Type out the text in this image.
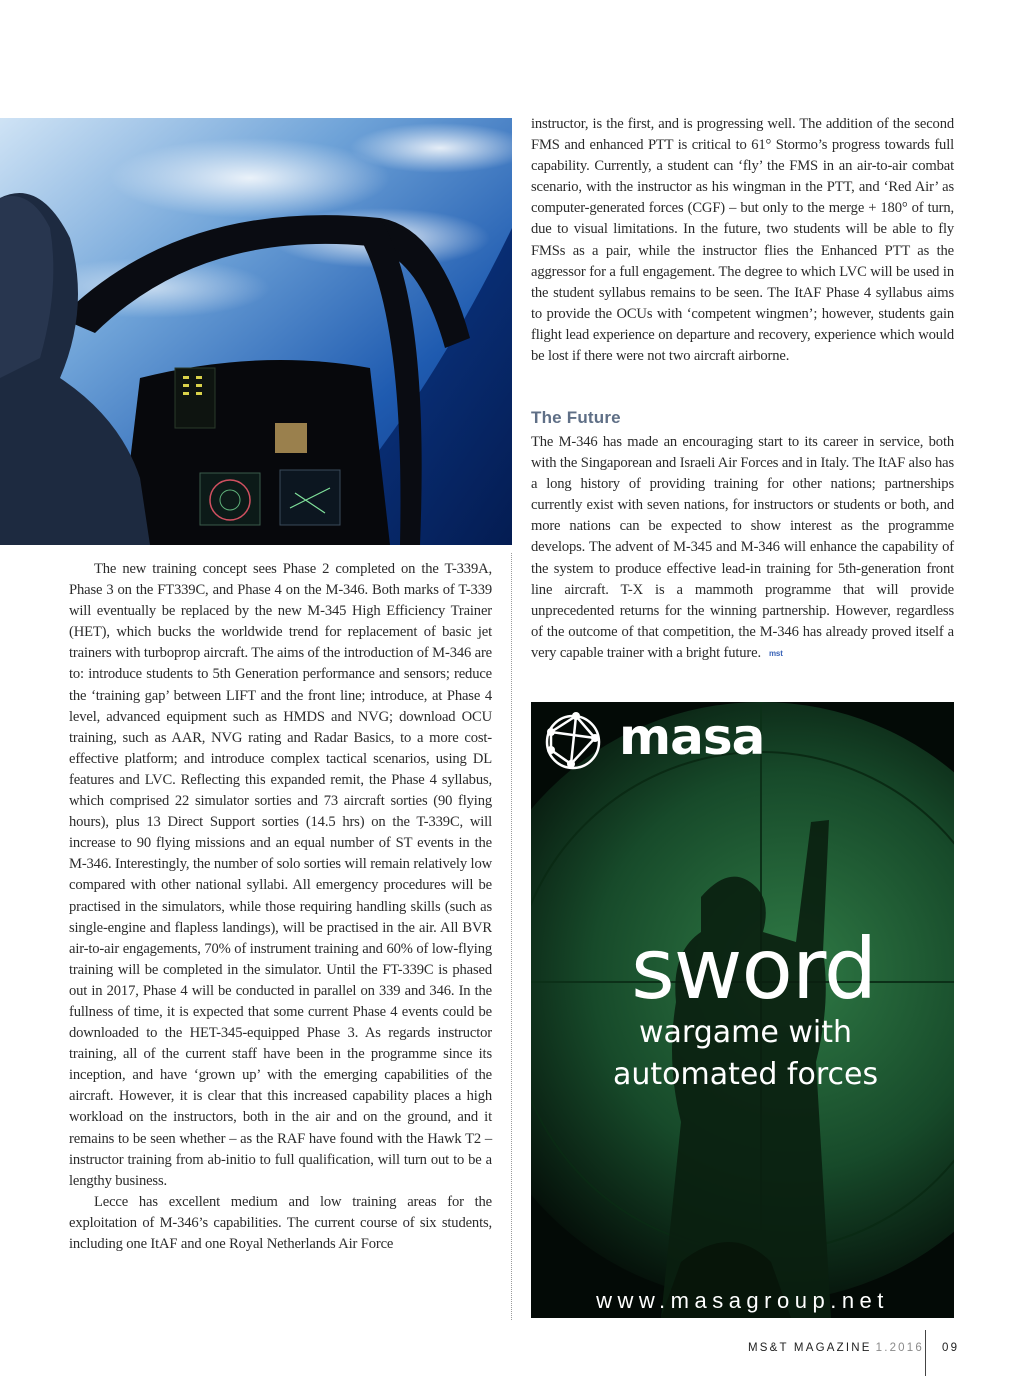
The new training concept sees Phase 2 completed on the T-339A, Phase 3 on the FT339C, and Phase 4 on the M-346. Both marks of T-339 will eventually be replaced by the new M-345 High Efficiency Trainer (HET), which bucks the worldwide trend for replacement of basic jet trainers with turboprop aircraft. The aims of the introduction of M-346 are to: introduce students to 5th Generation performance and sensors; reduce the ‘training gap’ between LIFT and the front line; introduce, at Phase 4 level, advanced equipment such as HMDS and NVG; download OCU training, such as AAR, NVG rating and Radar Basics, to a more cost-effective platform; and introduce complex tactical scenarios, using DL features and LVC. Reflecting this expanded remit, the Phase 4 syllabus, which comprised 22 simulator sorties and 73 aircraft sorties (90 flying hours), plus 13 Direct Support sorties (14.5 hrs) on the T-339C, will increase to 90 flying missions and an equal number of ST events in the M-346. Interestingly, the number of solo sorties will remain relatively low compared with other national syllabi. All emergency procedures will be practised in the simulators, while those requiring handling skills (such as single-engine and flapless landings), will be practised in the air. All BVR air-to-air engagements, 70% of instrument training and 60% of low-flying training will be completed in the simulator. Until the FT-339C is phased out in 2017, Phase 4 will be conducted in parallel on 339 and 346. In the fullness of time, it is expected that some current Phase 4 events could be downloaded to the HET-345-equipped Phase 3. As regards instructor training, all of the current staff have been in the programme since its inception, and have ‘grown up’ with the emerging capabilities of the aircraft. However, it is clear that this increased capability places a high workload on the instructors, both in the air and on the ground, and it remains to be seen whether – as the RAF have found with the Hawk T2 – instructor training from ab-initio to full qualification, will turn out to be a lengthy business.

Lecce has excellent medium and low training areas for the exploitation of M-346’s capabilities. The current course of six students, including one ItAF and one Royal Netherlands Air Force

instructor, is the first, and is progressing well. The addition of the second FMS and enhanced PTT is critical to 61° Stormo’s progress towards full capability. Currently, a student can ‘fly’ the FMS in an air-to-air combat scenario, with the instructor as his wingman in the PTT, and ‘Red Air’ as computer-generated forces (CGF) – but only to the merge + 180° of turn, due to visual limitations. In the future, two students will be able to fly FMSs as a pair, while the instructor flies the Enhanced PTT as the aggressor for a full engagement. The degree to which LVC will be used in the student syllabus remains to be seen. The ItAF Phase 4 syllabus aims to provide the OCUs with ‘competent wingmen’; however, students gain flight lead experience on departure and recovery, experience which would be lost if there were not two aircraft airborne.

The Future

The M-346 has made an encouraging start to its career in service, both with the Singaporean and Israeli Air Forces and in Italy. The ItAF also has a long history of providing training for other nations; partnerships currently exist with seven nations, for instructors or students or both, and more nations can be expected to show interest as the programme develops. The advent of M-345 and M-346 will enhance the capability of the system to produce effective lead-in training for 5th-generation front line aircraft. T-X is a mammoth programme that will provide unprecedented returns for the winning partnership. However, regardless of the outcome of that competition, the M-346 has already proved itself a very capable trainer with a bright future. mst

masa
sword
wargame with
automated forces
www.masagroup.net
MS&T MAGAZINE 1.2016 09
